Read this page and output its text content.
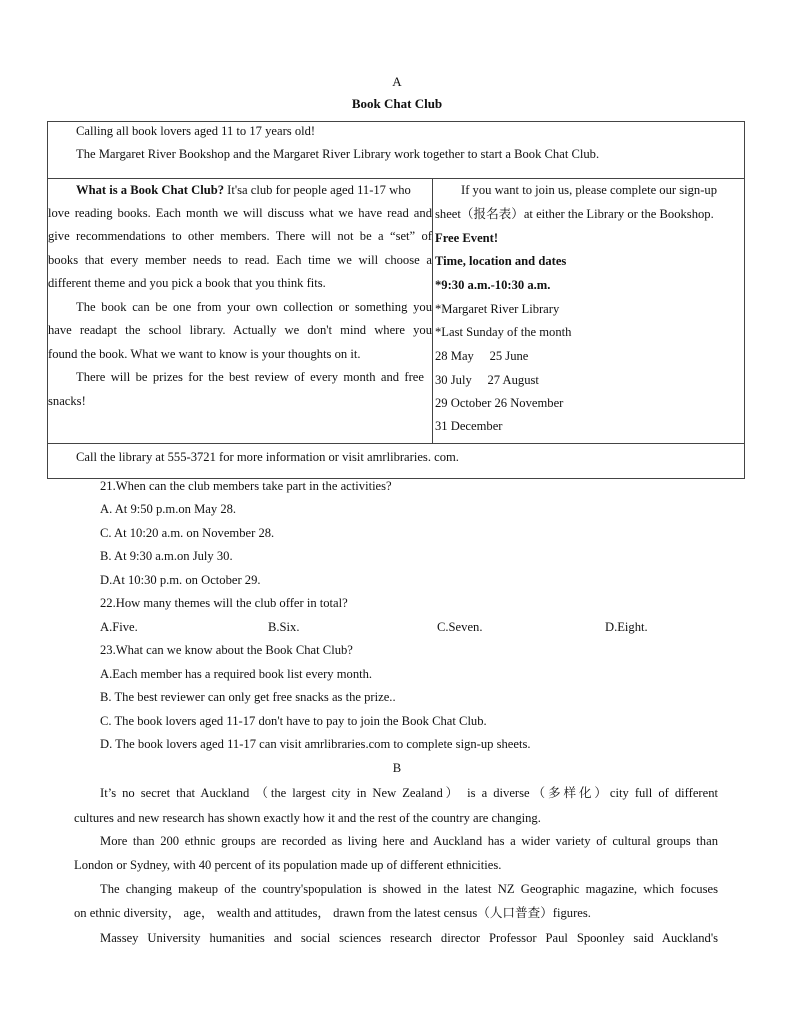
A
Book Chat Club
Calling all book lovers aged 11 to 17 years old!
The Margaret River Bookshop and the Margaret River Library work together to start a Book Chat Club.
What is a Book Chat Club? It'sa club for people aged 11-17 who
love reading books. Each month we will discuss what we have read and
give recommendations to other members. There will not be a “set” of
books that every member needs to read. Each time we will choose a
different theme and you pick a book that you think fits.
The book can be one from your own collection or something you
have readapt the school library. Actually we don't mind where you
found the book. What we want to know is your thoughts on it.
There will be prizes for the best review of every month and free
snacks!
If you want to join us, please complete our sign-up
sheet（报名表）at either the Library or the Bookshop.
Free Event!
Time, location and dates
*9:30 a.m.-10:30 a.m.
*Margaret River Library
*Last Sunday of the month
28 May     25 June
30 July     27 August
29 October 26 November
31 December
Call the library at 555-3721 for more information or visit amrlibraries. com.
21.When can the club members take part in the activities?
A. At 9:50 p.m.on May 28.
C. At 10:20 a.m. on November 28.
B. At 9:30 a.m.on July 30.
D.At 10:30 p.m. on October 29.
22.How many themes will the club offer in total?
A.Five.	B.Six.	C.Seven.	D.Eight.
23.What can we know about the Book Chat Club?
A.Each member has a required book list every month.
B. The best reviewer can only get free snacks as the prize..
C. The book lovers aged 11-17 don't have to pay to join the Book Chat Club.
D. The book lovers aged 11-17 can visit amrlibraries.com to complete sign-up sheets.
B
It’s no secret that Auckland （the largest city in New Zealand） is a diverse（多样化）city full of different
cultures and new research has shown exactly how it and the rest of the country are changing.
More than 200 ethnic groups are recorded as living here and Auckland has a wider variety of cultural groups than
London or Sydney, with 40 percent of its population made up of different ethnicities.
The changing makeup of the country'spopulation is showed in the latest NZ Geographic magazine, which focuses
on ethnic diversity， age， wealth and attitudes， drawn from the latest census（人口普查）figures.
Massey University humanities and social sciences research director Professor Paul Spoonley said Auckland's
